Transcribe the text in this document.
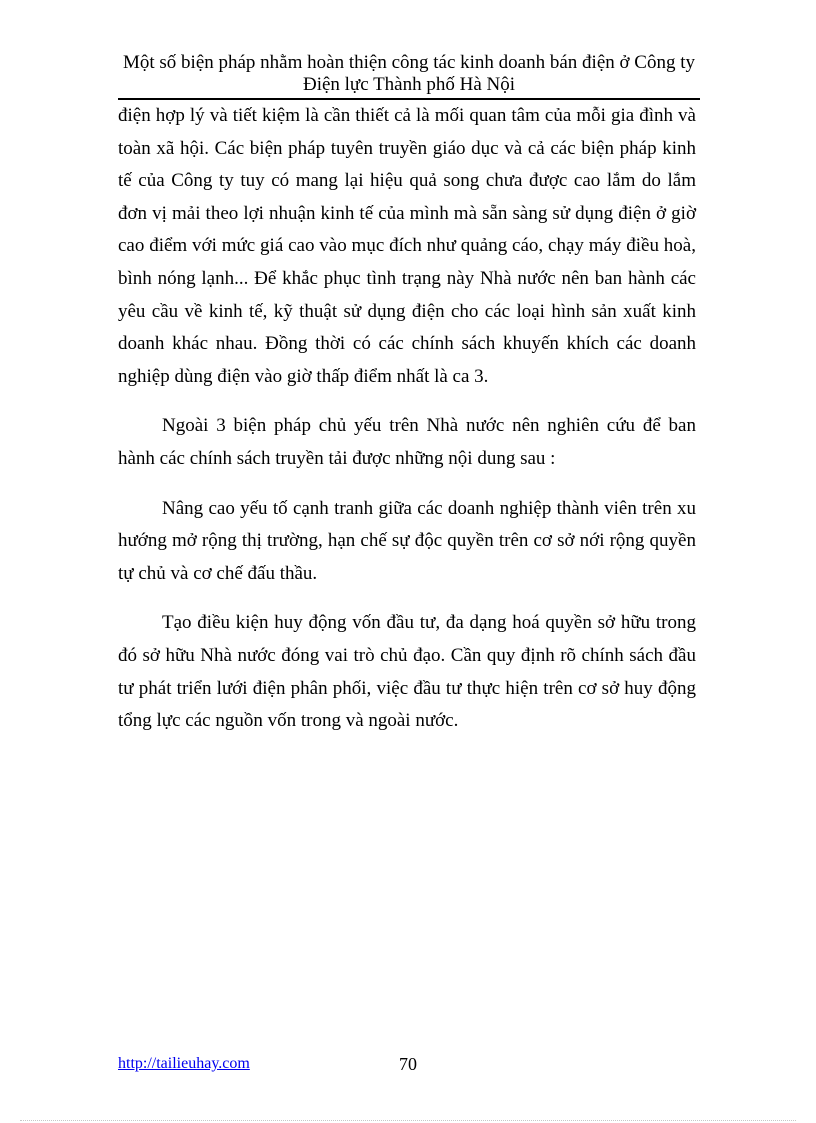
Một số biện pháp nhằm hoàn thiện công tác kinh doanh bán điện ở Công ty
Điện lực Thành phố Hà Nội

điện hợp lý và tiết kiệm là cần thiết cả là mối quan tâm của mỗi gia đình và toàn xã hội. Các biện pháp tuyên truyền giáo dục và cả các biện pháp kinh tế của Công ty tuy có mang lại hiệu quả song chưa được cao lắm do lắm đơn vị mải theo lợi nhuận kinh tế của mình mà sẵn sàng sử dụng điện ở giờ cao điểm với mức giá cao vào mục đích như quảng cáo, chạy máy điều hoà, bình nóng lạnh... Để khắc phục tình trạng này Nhà nước nên ban hành các yêu cầu về kinh tế, kỹ thuật sử dụng điện cho các loại hình sản xuất kinh doanh khác nhau. Đồng thời có các chính sách khuyến khích các doanh nghiệp dùng điện vào giờ thấp điểm nhất là ca 3.

Ngoài 3 biện pháp chủ yếu trên Nhà nước nên nghiên cứu để ban hành các chính sách truyền tải được những nội dung sau :

Nâng cao yếu tố cạnh tranh giữa các doanh nghiệp thành viên trên xu hướng mở rộng thị trường, hạn chế sự độc quyền trên cơ sở nới rộng quyền tự chủ và cơ chế đấu thầu.

Tạo điều kiện huy động vốn đầu tư, đa dạng hoá quyền sở hữu trong đó sở hữu Nhà nước đóng vai trò chủ đạo. Cần quy định rõ chính sách đầu tư phát triển lưới điện phân phối, việc đầu tư thực hiện trên cơ sở huy động tổng lực các nguồn vốn trong và ngoài nước.

http://tailieuhay.com	70
